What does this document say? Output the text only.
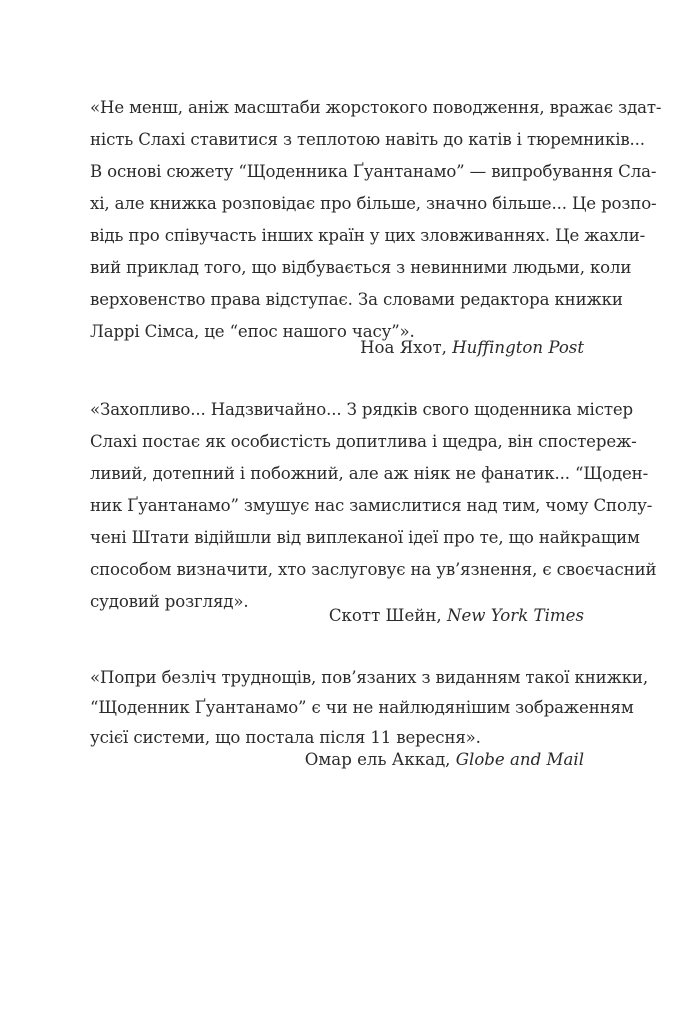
«Не менш, аніж масштаби жорстокого поводження, вражає здат-
ність Слахі ставитися з теплотою навіть до катів і тюремників...
В основі сюжету “Щоденника Ґуантанамо” — випробування Сла-
хі, але книжка розповідає про більше, значно більше... Це розпо-
відь про співучасть інших країн у цих зловживаннях. Це жахли-
вий приклад того, що відбувається з невинними людьми, коли
верховенство права відступає. За словами редактора книжки
Ларрі Сімса, це “епос нашого часу”».
Ноа Яхот, Huffington Post
«Захопливо... Надзвичайно... З рядків свого щоденника містер
Слахі постає як особистість допитлива і щедра, він спостереж-
ливий, дотепний і побожний, але аж ніяк не фанатик... “Щоден-
ник Ґуантанамо” змушує нас замислитися над тим, чому Сполу-
чені Штати відійшли від виплеканої ідеї про те, що найкращим
способом визначити, хто заслуговує на ув’язнення, є своєчасний
судовий розгляд».
Скотт Шейн, New York Times
«Попри безліч труднощів, пов’язаних з виданням такої книжки,
“Щоденник Ґуантанамо” є чи не найлюдянішим зображенням
усієї системи, що постала після 11 вересня».
Омар ель Аккад, Globe and Mail
